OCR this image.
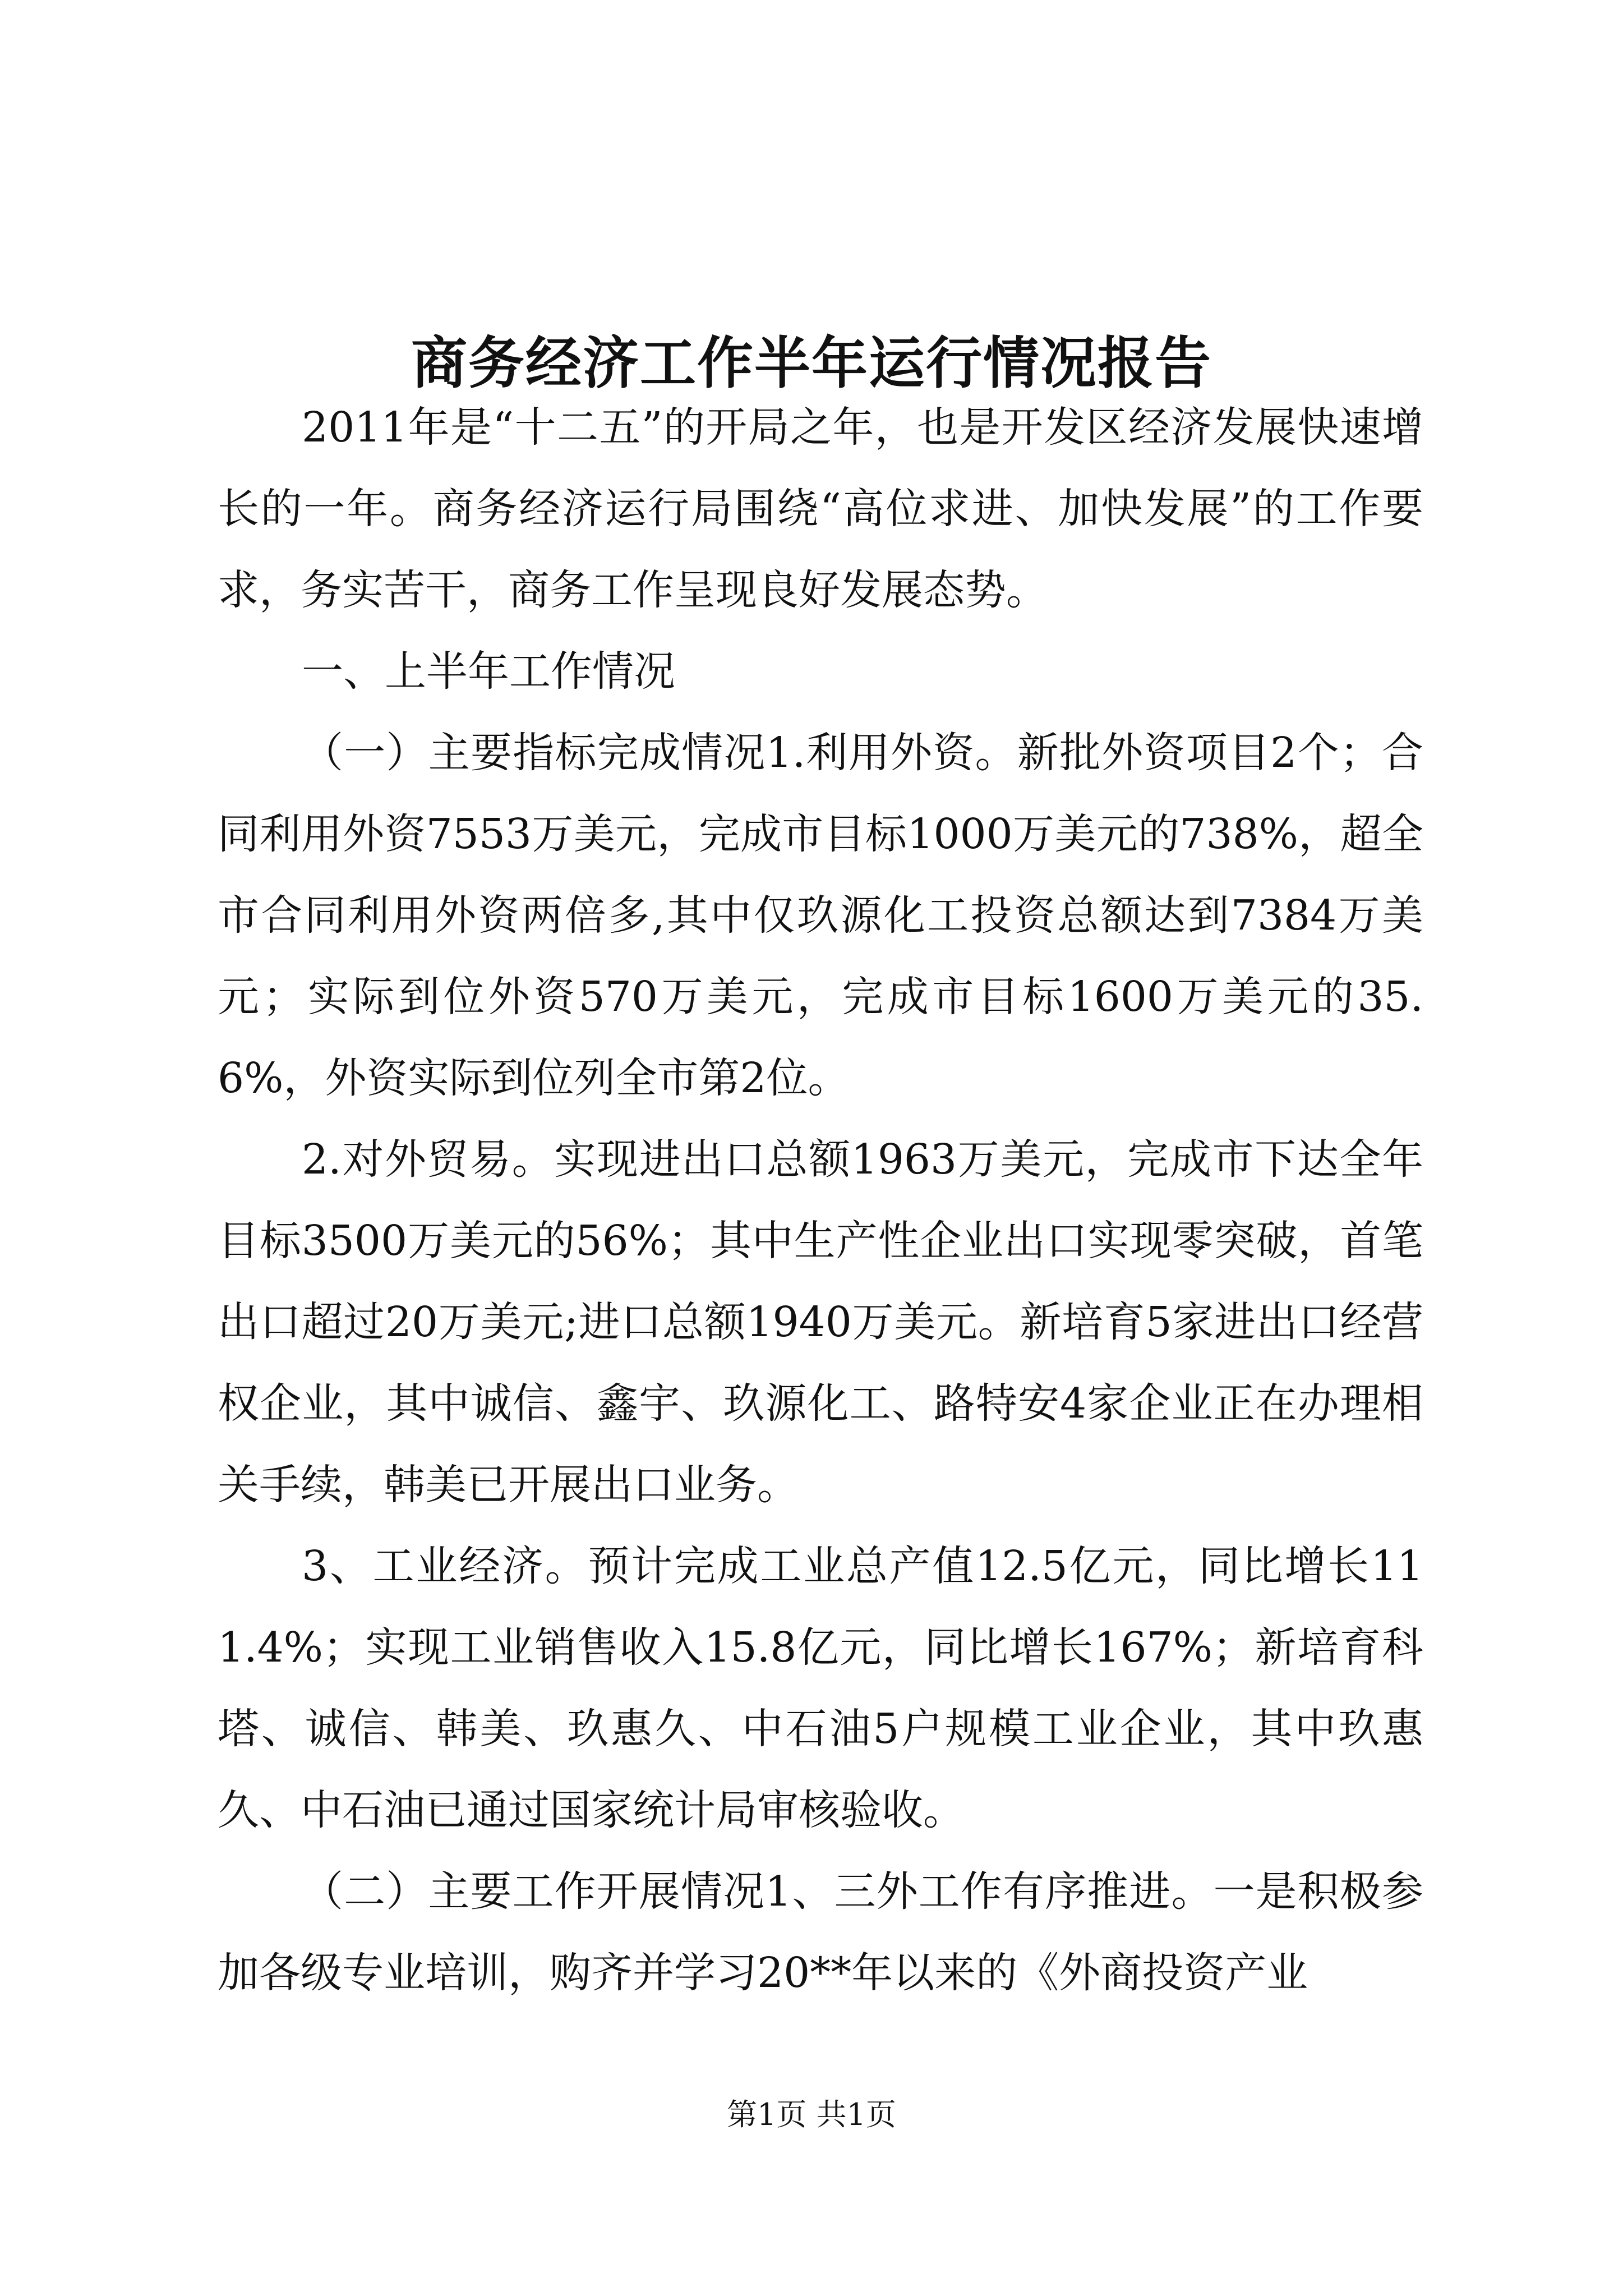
商务经济工作半年运行情况报告

2011年是“十二五”的开局之年，也是开发区经济发展快速增长的一年。商务经济运行局围绕“高位求进、加快发展”的工作要求，务实苦干，商务工作呈现良好发展态势。

一、上半年工作情况

（一）主要指标完成情况1.利用外资。新批外资项目2个；合同利用外资7553万美元，完成市目标1000万美元的738%，超全市合同利用外资两倍多,其中仅玖源化工投资总额达到7384万美元；实际到位外资570万美元，完成市目标1600万美元的35.6%，外资实际到位列全市第2位。

2.对外贸易。实现进出口总额1963万美元，完成市下达全年目标3500万美元的56%；其中生产性企业出口实现零突破，首笔出口超过20万美元;进口总额1940万美元。新培育5家进出口经营权企业，其中诚信、鑫宇、玖源化工、路特安4家企业正在办理相关手续，韩美已开展出口业务。

3、工业经济。预计完成工业总产值12.5亿元，同比增长111.4%；实现工业销售收入15.8亿元，同比增长167%；新培育科塔、诚信、韩美、玖惠久、中石油5户规模工业企业，其中玖惠久、中石油已通过国家统计局审核验收。

（二）主要工作开展情况1、三外工作有序推进。一是积极参加各级专业培训，购齐并学习20**年以来的《外商投资产业

第1页 共1页
